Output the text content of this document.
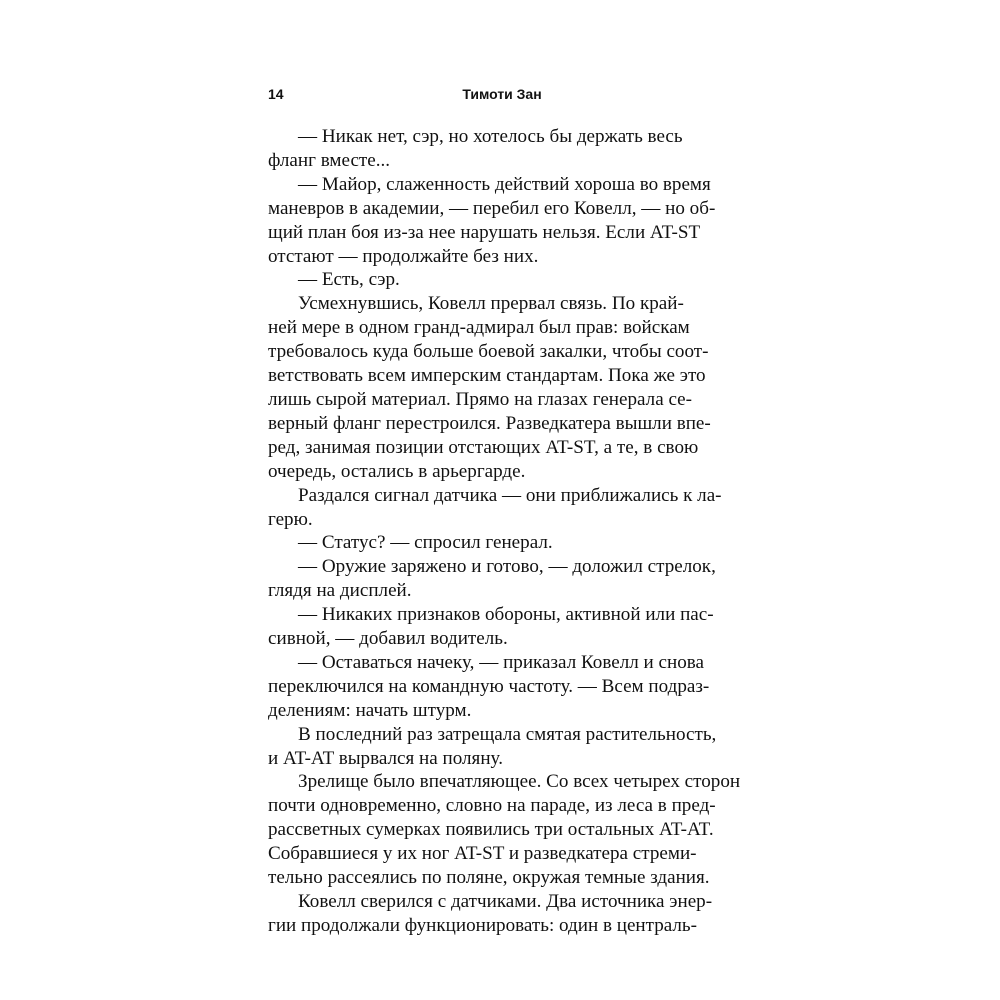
14	Тимоти Зан

— Никак нет, сэр, но хотелось бы держать весь
фланг вместе...

— Майор, слаженность действий хороша во время
маневров в академии, — перебил его Ковелл, — но об-
щий план боя из-за нее нарушать нельзя. Если AT-ST
отстают — продолжайте без них.

— Есть, сэр.

Усмехнувшись, Ковелл прервал связь. По край-
ней мере в одном гранд-адмирал был прав: войскам
требовалось куда больше боевой закалки, чтобы соот-
ветствовать всем имперским стандартам. Пока же это
лишь сырой материал. Прямо на глазах генерала се-
верный фланг перестроился. Разведкатера вышли впе-
ред, занимая позиции отстающих AT-ST, а те, в свою
очередь, остались в арьергарде.

Раздался сигнал датчика — они приближались к ла-
герю.

— Статус? — спросил генерал.

— Оружие заряжено и готово, — доложил стрелок,
глядя на дисплей.

— Никаких признаков обороны, активной или пас-
сивной, — добавил водитель.

— Оставаться начеку, — приказал Ковелл и снова
переключился на командную частоту. — Всем подраз-
делениям: начать штурм.

В последний раз затрещала смятая растительность,
и AT-AT вырвался на поляну.

Зрелище было впечатляющее. Со всех четырех сторон
почти одновременно, словно на параде, из леса в пред-
рассветных сумерках появились три остальных AT-AT.
Собравшиеся у их ног AT-ST и разведкатера стреми-
тельно рассеялись по поляне, окружая темные здания.

Ковелл сверился с датчиками. Два источника энер-
гии продолжали функционировать: один в централь-
